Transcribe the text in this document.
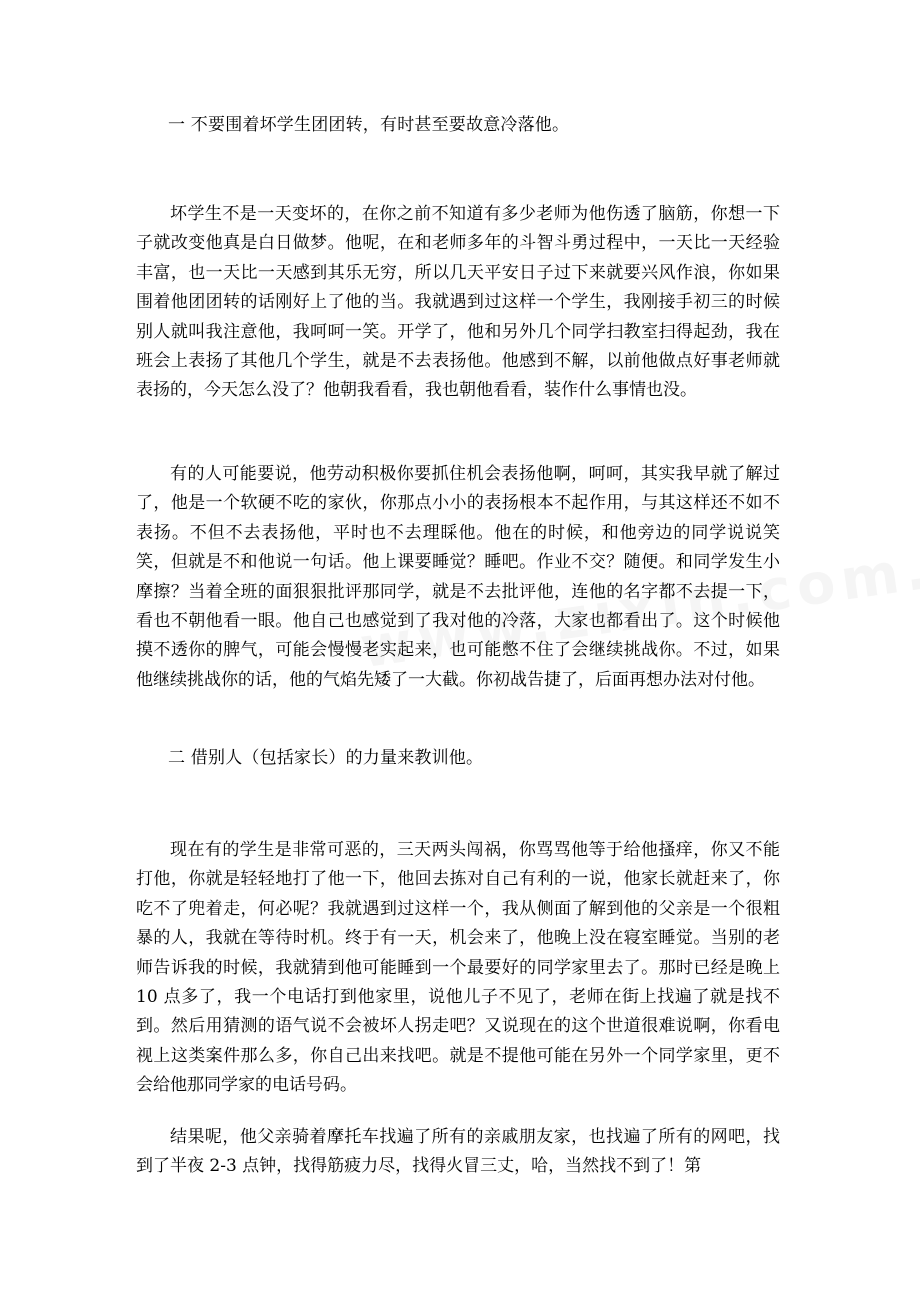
一 不要围着坏学生团团转，有时甚至要故意冷落他。

坏学生不是一天变坏的，在你之前不知道有多少老师为他伤透了脑筋，你想一下子就改变他真是白日做梦。他呢，在和老师多年的斗智斗勇过程中，一天比一天经验丰富，也一天比一天感到其乐无穷，所以几天平安日子过下来就要兴风作浪，你如果围着他团团转的话刚好上了他的当。我就遇到过这样一个学生，我刚接手初三的时候别人就叫我注意他，我呵呵一笑。开学了，他和另外几个同学扫教室扫得起劲，我在班会上表扬了其他几个学生，就是不去表扬他。他感到不解，以前他做点好事老师就表扬的，今天怎么没了？他朝我看看，我也朝他看看，装作什么事情也没。

有的人可能要说，他劳动积极你要抓住机会表扬他啊，呵呵，其实我早就了解过了，他是一个软硬不吃的家伙，你那点小小的表扬根本不起作用，与其这样还不如不表扬。不但不去表扬他，平时也不去理睬他。他在的时候，和他旁边的同学说说笑笑，但就是不和他说一句话。他上课要睡觉？睡吧。作业不交？随便。和同学发生小摩擦？当着全班的面狠狠批评那同学，就是不去批评他，连他的名字都不去提一下，看也不朝他看一眼。他自己也感觉到了我对他的冷落，大家也都看出了。这个时候他摸不透你的脾气，可能会慢慢老实起来，也可能憋不住了会继续挑战你。不过，如果他继续挑战你的话，他的气焰先矮了一大截。你初战告捷了，后面再想办法对付他。

二 借别人（包括家长）的力量来教训他。

现在有的学生是非常可恶的，三天两头闯祸，你骂骂他等于给他搔痒，你又不能打他，你就是轻轻地打了他一下，他回去拣对自己有利的一说，他家长就赶来了，你吃不了兜着走，何必呢？我就遇到过这样一个，我从侧面了解到他的父亲是一个很粗暴的人，我就在等待时机。终于有一天，机会来了，他晚上没在寝室睡觉。当别的老师告诉我的时候，我就猜到他可能睡到一个最要好的同学家里去了。那时已经是晚上 10 点多了，我一个电话打到他家里，说他儿子不见了，老师在街上找遍了就是找不到。然后用猜测的语气说不会被坏人拐走吧？又说现在的这个世道很难说啊，你看电视上这类案件那么多，你自己出来找吧。就是不提他可能在另外一个同学家里，更不会给他那同学家的电话号码。

结果呢，他父亲骑着摩托车找遍了所有的亲戚朋友家，也找遍了所有的网吧，找到了半夜 2-3 点钟，找得筋疲力尽，找得火冒三丈，哈，当然找不到了！第
